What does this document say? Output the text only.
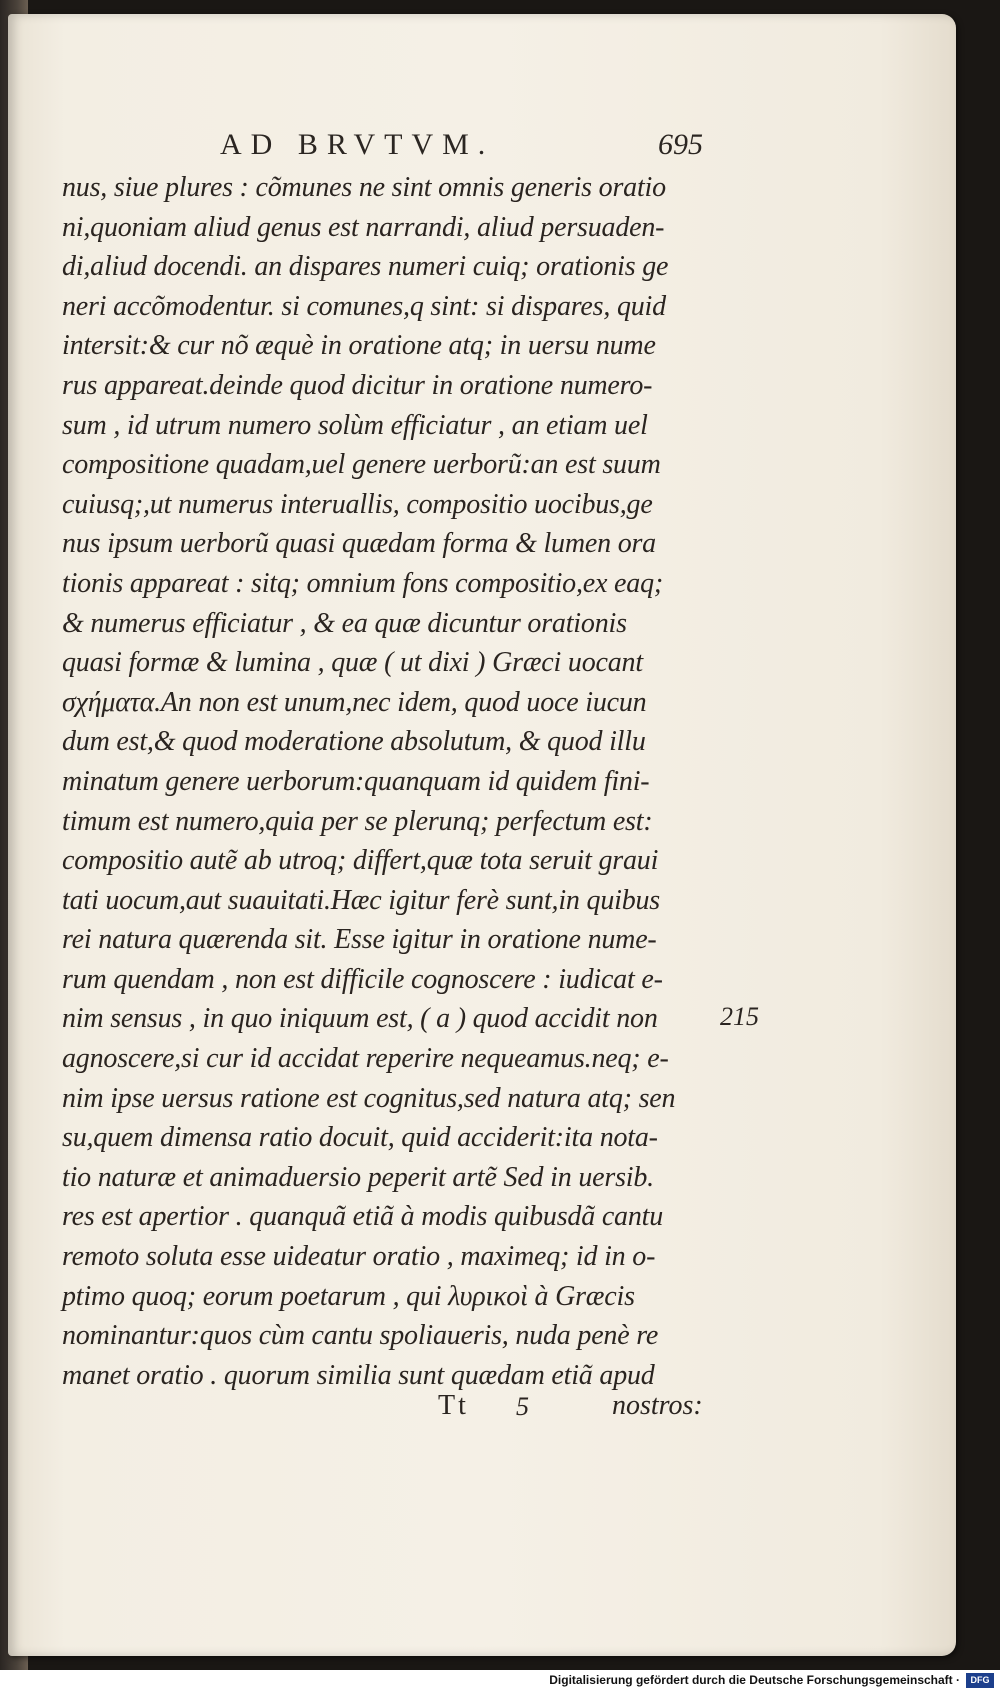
AD BRVTVM.	695
nus, siue plures : cõmunes ne sint omnis generis oratio
ni,quoniam aliud genus est narrandi, aliud persuaden-
di,aliud docendi. an dispares numeri cuiq; orationis ge
neri accõmodentur. si comunes,q sint: si dispares, quid
intersit:& cur nõ æquè in oratione atq; in uersu nume
rus appareat.deinde quod dicitur in oratione numero-
sum , id utrum numero solùm efficiatur , an etiam uel
compositione quadam,uel genere uerborũ:an est suum
cuiusq;,ut numerus interuallis, compositio uocibus,ge
nus ipsum uerborũ quasi quædam forma & lumen ora
tionis appareat : sitq; omnium fons compositio,ex eaq;
& numerus efficiatur , & ea quæ dicuntur orationis
quasi formæ & lumina , quæ ( ut dixi ) Græci uocant
σχήματα.An non est unum,nec idem, quod uoce iucun
dum est,& quod moderatione absolutum, & quod illu
minatum genere uerborum:quanquam id quidem fini-
timum est numero,quia per se plerunq; perfectum est:
compositio autẽ ab utroq; differt,quæ tota seruit graui
tati uocum,aut suauitati.Hæc igitur ferè sunt,in quibus
rei natura quærenda sit. Esse igitur in oratione nume-
rum quendam , non est difficile cognoscere : iudicat e-
nim sensus , in quo iniquum est, ( a ) quod accidit non
agnoscere,si cur id accidat reperire nequeamus.neq; e-
nim ipse uersus ratione est cognitus,sed natura atq; sen
su,quem dimensa ratio docuit, quid acciderit:ita nota-
tio naturæ et animaduersio peperit artẽ Sed in uersib.
res est apertior . quanquã etiã à modis quibusdã cantu
remoto soluta esse uideatur oratio , maximeq; id in o-
ptimo quoq; eorum poetarum , qui λυρικοὶ à Græcis
nominantur:quos cùm cantu spoliaueris, nuda penè re
manet oratio . quorum similia sunt quædam etiã apud
215
Tt 5	nostros:
Digitalisierung gefördert durch die Deutsche Forschungsgemeinschaft ·	DFG
